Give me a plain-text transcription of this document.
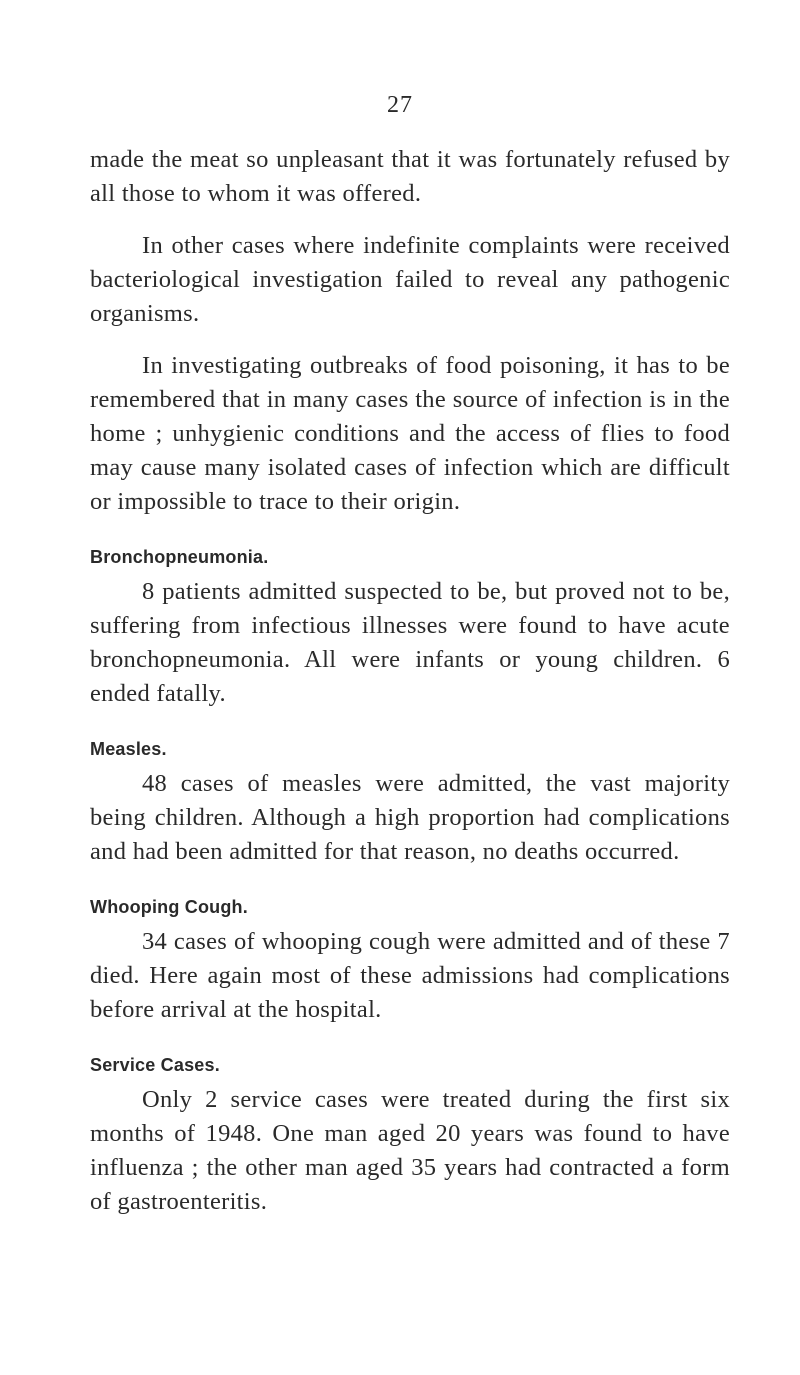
27

made the meat so unpleasant that it was fortunately refused by all those to whom it was offered.

In other cases where indefinite complaints were received bacteriological investigation failed to reveal any pathogenic organisms.

In investigating outbreaks of food poisoning, it has to be remembered that in many cases the source of infection is in the home ; unhygienic conditions and the access of flies to food may cause many isolated cases of infection which are difficult or impossible to trace to their origin.

Bronchopneumonia.

8 patients admitted suspected to be, but proved not to be, suffering from infectious illnesses were found to have acute bronchopneumonia. All were infants or young children. 6 ended fatally.

Measles.

48 cases of measles were admitted, the vast majority being children. Although a high proportion had complications and had been admitted for that reason, no deaths occurred.

Whooping Cough.

34 cases of whooping cough were admitted and of these 7 died. Here again most of these admissions had complications before arrival at the hospital.

Service Cases.

Only 2 service cases were treated during the first six months of 1948. One man aged 20 years was found to have influenza ; the other man aged 35 years had contracted a form of gastroenteritis.
